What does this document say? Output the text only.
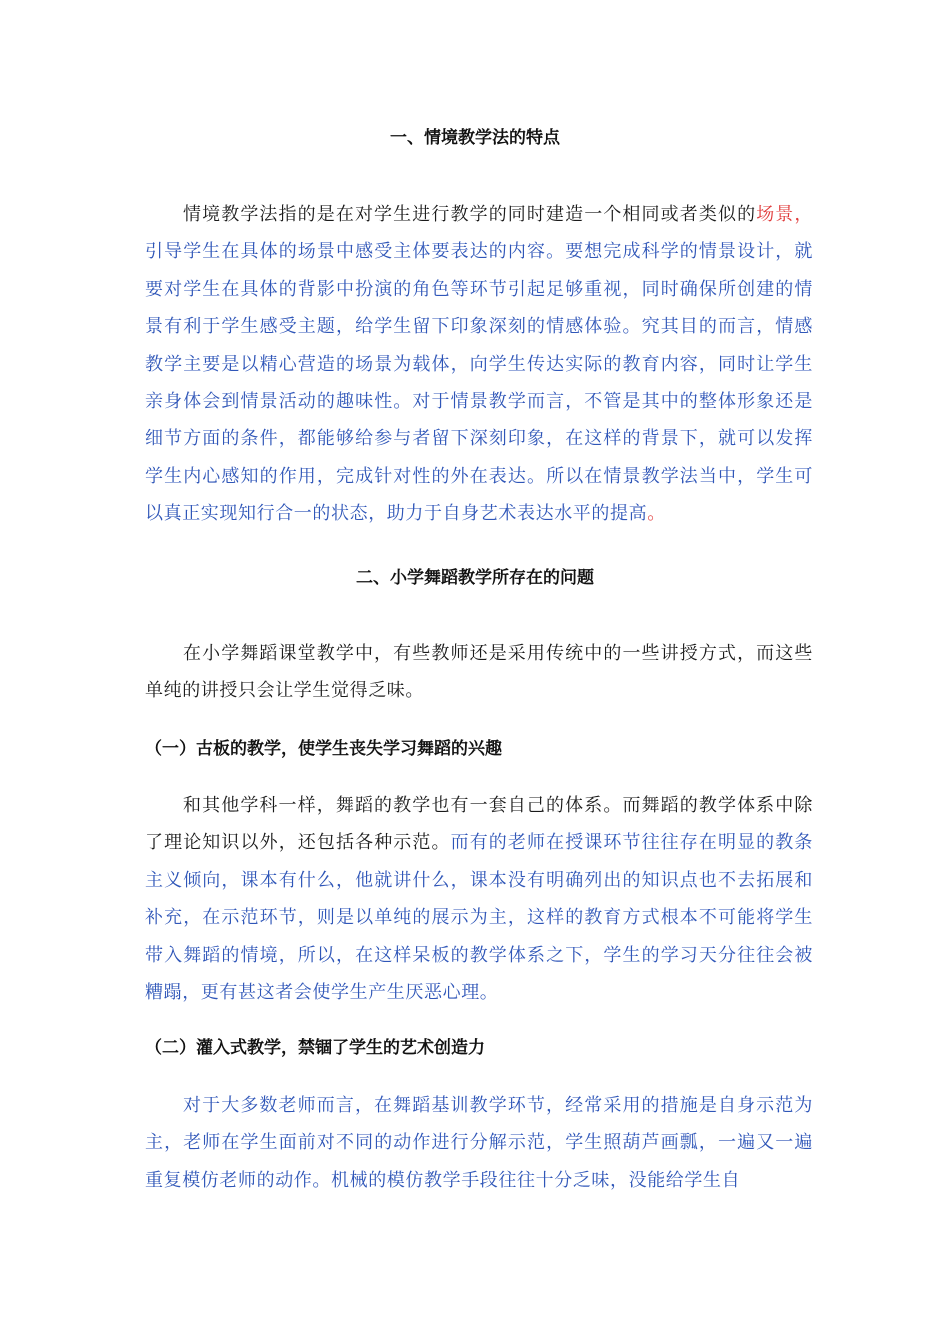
一、情境教学法的特点

情境教学法指的是在对学生进行教学的同时建造一个相同或者类似的场景，引导学生在具体的场景中感受主体要表达的内容。要想完成科学的情景设计，就要对学生在具体的背影中扮演的角色等环节引起足够重视，同时确保所创建的情景有利于学生感受主题，给学生留下印象深刻的情感体验。究其目的而言，情感教学主要是以精心营造的场景为载体，向学生传达实际的教育内容，同时让学生亲身体会到情景活动的趣味性。对于情景教学而言，不管是其中的整体形象还是细节方面的条件，都能够给参与者留下深刻印象，在这样的背景下，就可以发挥学生内心感知的作用，完成针对性的外在表达。所以在情景教学法当中，学生可以真正实现知行合一的状态，助力于自身艺术表达水平的提高。

二、小学舞蹈教学所存在的问题

在小学舞蹈课堂教学中，有些教师还是采用传统中的一些讲授方式，而这些单纯的讲授只会让学生觉得乏味。

（一）古板的教学，使学生丧失学习舞蹈的兴趣

和其他学科一样，舞蹈的教学也有一套自己的体系。而舞蹈的教学体系中除了理论知识以外，还包括各种示范。而有的老师在授课环节往往存在明显的教条主义倾向，课本有什么，他就讲什么，课本没有明确列出的知识点也不去拓展和补充，在示范环节，则是以单纯的展示为主，这样的教育方式根本不可能将学生带入舞蹈的情境，所以，在这样呆板的教学体系之下，学生的学习天分往往会被糟蹋，更有甚这者会使学生产生厌恶心理。

（二）灌入式教学，禁锢了学生的艺术创造力

对于大多数老师而言，在舞蹈基训教学环节，经常采用的措施是自身示范为主，老师在学生面前对不同的动作进行分解示范，学生照葫芦画瓢，一遍又一遍重复模仿老师的动作。机械的模仿教学手段往往十分乏味，没能给学生自
